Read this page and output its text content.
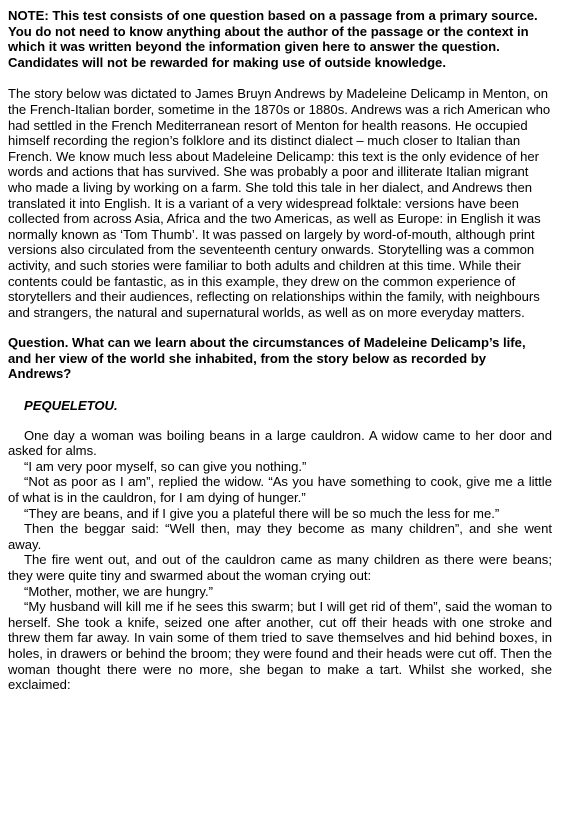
NOTE: This test consists of one question based on a passage from a primary source. You do not need to know anything about the author of the passage or the context in which it was written beyond the information given here to answer the question. Candidates will not be rewarded for making use of outside knowledge.

The story below was dictated to James Bruyn Andrews by Madeleine Delicamp in Menton, on the French-Italian border, sometime in the 1870s or 1880s. Andrews was a rich American who had settled in the French Mediterranean resort of Menton for health reasons. He occupied himself recording the region’s folklore and its distinct dialect – much closer to Italian than French. We know much less about Madeleine Delicamp: this text is the only evidence of her words and actions that has survived. She was probably a poor and illiterate Italian migrant who made a living by working on a farm. She told this tale in her dialect, and Andrews then translated it into English. It is a variant of a very widespread folktale: versions have been collected from across Asia, Africa and the two Americas, as well as Europe: in English it was normally known as ‘Tom Thumb’. It was passed on largely by word-of-mouth, although print versions also circulated from the seventeenth century onwards. Storytelling was a common activity, and such stories were familiar to both adults and children at this time. While their contents could be fantastic, as in this example, they drew on the common experience of storytellers and their audiences, reflecting on relationships within the family, with neighbours and strangers, the natural and supernatural worlds, as well as on more everyday matters.

Question. What can we learn about the circumstances of Madeleine Delicamp’s life, and her view of the world she inhabited, from the story below as recorded by Andrews?

PEQUELETOU.

One day a woman was boiling beans in a large cauldron. A widow came to her door and asked for alms.

“I am very poor myself, so can give you nothing.”

“Not as poor as I am”, replied the widow. “As you have something to cook, give me a little of what is in the cauldron, for I am dying of hunger.”

“They are beans, and if I give you a plateful there will be so much the less for me.”

Then the beggar said: “Well then, may they become as many children”, and she went away.

The fire went out, and out of the cauldron came as many children as there were beans; they were quite tiny and swarmed about the woman crying out:

“Mother, mother, we are hungry.”

“My husband will kill me if he sees this swarm; but I will get rid of them”, said the woman to herself. She took a knife, seized one after another, cut off their heads with one stroke and threw them far away. In vain some of them tried to save themselves and hid behind boxes, in holes, in drawers or behind the broom; they were found and their heads were cut off. Then the woman thought there were no more, she began to make a tart. Whilst she worked, she exclaimed:
